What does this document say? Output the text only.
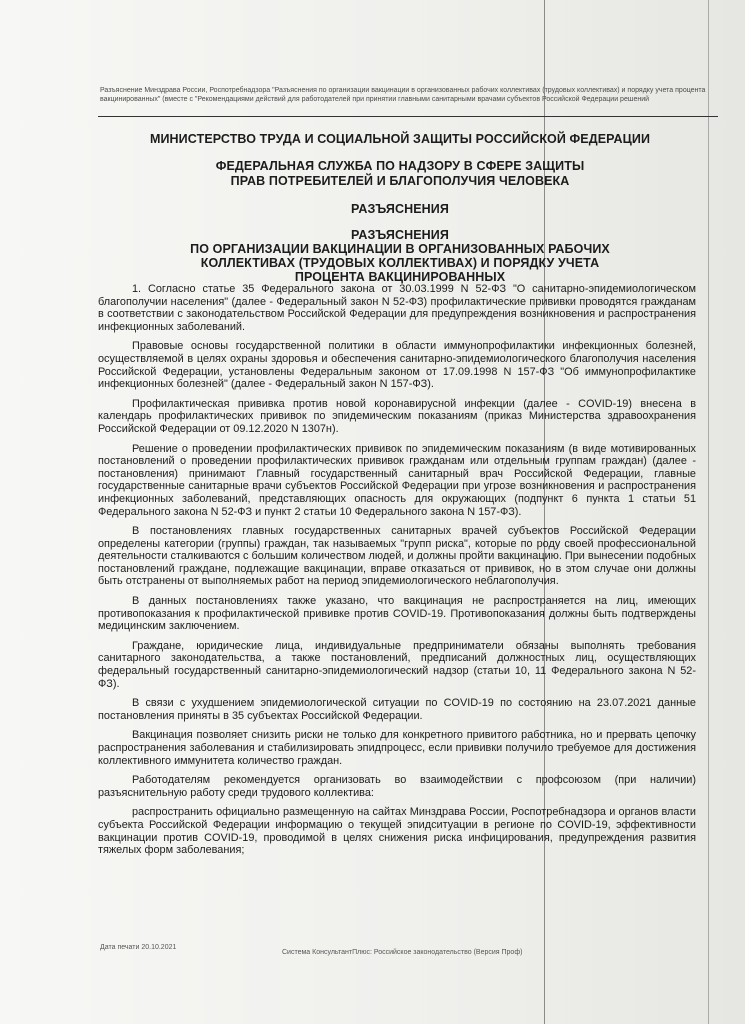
Разъяснение Минздрава России, Роспотребнадзора "Разъяснения по организации вакцинации в организованных рабочих коллективах (трудовых коллективах) и порядку учета процента вакцинированных" (вместе с "Рекомендациями действий для работодателей при принятии главными санитарными врачами субъектов Российской Федерации решений
МИНИСТЕРСТВО ТРУДА И СОЦИАЛЬНОЙ ЗАЩИТЫ РОССИЙСКОЙ ФЕДЕРАЦИИ
ФЕДЕРАЛЬНАЯ СЛУЖБА ПО НАДЗОРУ В СФЕРЕ ЗАЩИТЫ
ПРАВ ПОТРЕБИТЕЛЕЙ И БЛАГОПОЛУЧИЯ ЧЕЛОВЕКА
РАЗЪЯСНЕНИЯ
РАЗЪЯСНЕНИЯ
ПО ОРГАНИЗАЦИИ ВАКЦИНАЦИИ В ОРГАНИЗОВАННЫХ РАБОЧИХ
КОЛЛЕКТИВАХ (ТРУДОВЫХ КОЛЛЕКТИВАХ) И ПОРЯДКУ УЧЕТА
ПРОЦЕНТА ВАКЦИНИРОВАННЫХ

1. Согласно статье 35 Федерального закона от 30.03.1999 N 52-ФЗ "О санитарно-эпидемиологическом благополучии населения" (далее - Федеральный закон N 52-ФЗ) профилактические прививки проводятся гражданам в соответствии с законодательством Российской Федерации для предупреждения возникновения и распространения инфекционных заболеваний.

Правовые основы государственной политики в области иммунопрофилактики инфекционных болезней, осуществляемой в целях охраны здоровья и обеспечения санитарно-эпидемиологического благополучия населения Российской Федерации, установлены Федеральным законом от 17.09.1998 N 157-ФЗ "Об иммунопрофилактике инфекционных болезней" (далее - Федеральный закон N 157-ФЗ).

Профилактическая прививка против новой коронавирусной инфекции (далее - COVID-19) внесена в календарь профилактических прививок по эпидемическим показаниям (приказ Министерства здравоохранения Российской Федерации от 09.12.2020 N 1307н).

Решение о проведении профилактических прививок по эпидемическим показаниям (в виде мотивированных постановлений о проведении профилактических прививок гражданам или отдельным группам граждан) (далее - постановления) принимают Главный государственный санитарный врач Российской Федерации, главные государственные санитарные врачи субъектов Российской Федерации при угрозе возникновения и распространения инфекционных заболеваний, представляющих опасность для окружающих (подпункт 6 пункта 1 статьи 51 Федерального закона N 52-ФЗ и пункт 2 статьи 10 Федерального закона N 157-ФЗ).

В постановлениях главных государственных санитарных врачей субъектов Российской Федерации определены категории (группы) граждан, так называемых "групп риска", которые по роду своей профессиональной деятельности сталкиваются с большим количеством людей, и должны пройти вакцинацию. При вынесении подобных постановлений граждане, подлежащие вакцинации, вправе отказаться от прививок, но в этом случае они должны быть отстранены от выполняемых работ на период эпидемиологического неблагополучия.

В данных постановлениях также указано, что вакцинация не распространяется на лиц, имеющих противопоказания к профилактической прививке против COVID-19. Противопоказания должны быть подтверждены медицинским заключением.

Граждане, юридические лица, индивидуальные предприниматели обязаны выполнять требования санитарного законодательства, а также постановлений, предписаний должностных лиц, осуществляющих федеральный государственный санитарно-эпидемиологический надзор (статьи 10, 11 Федерального закона N 52-ФЗ).

В связи с ухудшением эпидемиологической ситуации по COVID-19 по состоянию на 23.07.2021 данные постановления приняты в 35 субъектах Российской Федерации.

Вакцинация позволяет снизить риски не только для конкретного привитого работника, но и прервать цепочку распространения заболевания и стабилизировать эпидпроцесс, если прививки получило требуемое для достижения коллективного иммунитета количество граждан.

Работодателям рекомендуется организовать во взаимодействии с профсоюзом (при наличии) разъяснительную работу среди трудового коллектива:

распространить официально размещенную на сайтах Минздрава России, Роспотребнадзора и органов власти субъекта Российской Федерации информацию о текущей эпидситуации в регионе по COVID-19, эффективности вакцинации против COVID-19, проводимой в целях снижения риска инфицирования, предупреждения развития тяжелых форм заболевания;

Дата печати 20.10.2021
Система КонсультантПлюс: Российское законодательство (Версия Проф)
